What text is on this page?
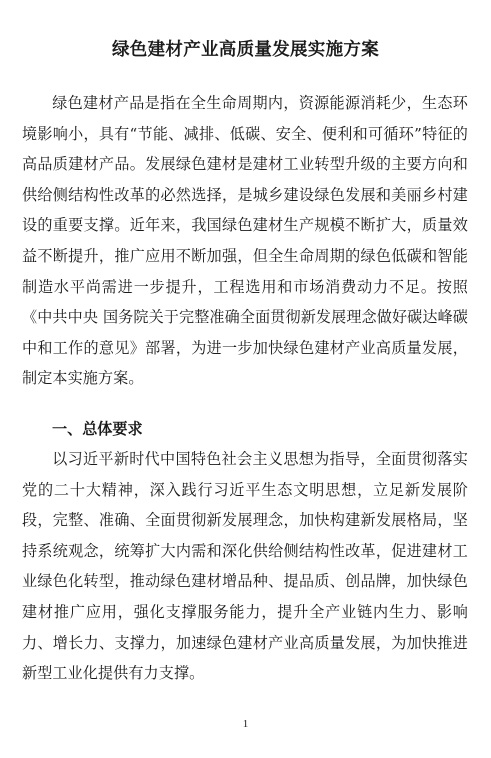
绿色建材产业高质量发展实施方案

绿色建材产品是指在全生命周期内，资源能源消耗少，生态环境影响小，具有“节能、减排、低碳、安全、便利和可循环”特征的高品质建材产品。发展绿色建材是建材工业转型升级的主要方向和供给侧结构性改革的必然选择，是城乡建设绿色发展和美丽乡村建设的重要支撑。近年来，我国绿色建材生产规模不断扩大，质量效益不断提升，推广应用不断加强，但全生命周期的绿色低碳和智能制造水平尚需进一步提升，工程选用和市场消费动力不足。按照《中共中央 国务院关于完整准确全面贯彻新发展理念做好碳达峰碳中和工作的意见》部署，为进一步加快绿色建材产业高质量发展，制定本实施方案。

一、总体要求

以习近平新时代中国特色社会主义思想为指导，全面贯彻落实党的二十大精神，深入践行习近平生态文明思想，立足新发展阶段，完整、准确、全面贯彻新发展理念，加快构建新发展格局，坚持系统观念，统筹扩大内需和深化供给侧结构性改革，促进建材工业绿色化转型，推动绿色建材增品种、提品质、创品牌，加快绿色建材推广应用，强化支撑服务能力，提升全产业链内生力、影响力、增长力、支撑力，加速绿色建材产业高质量发展，为加快推进新型工业化提供有力支撑。

1
